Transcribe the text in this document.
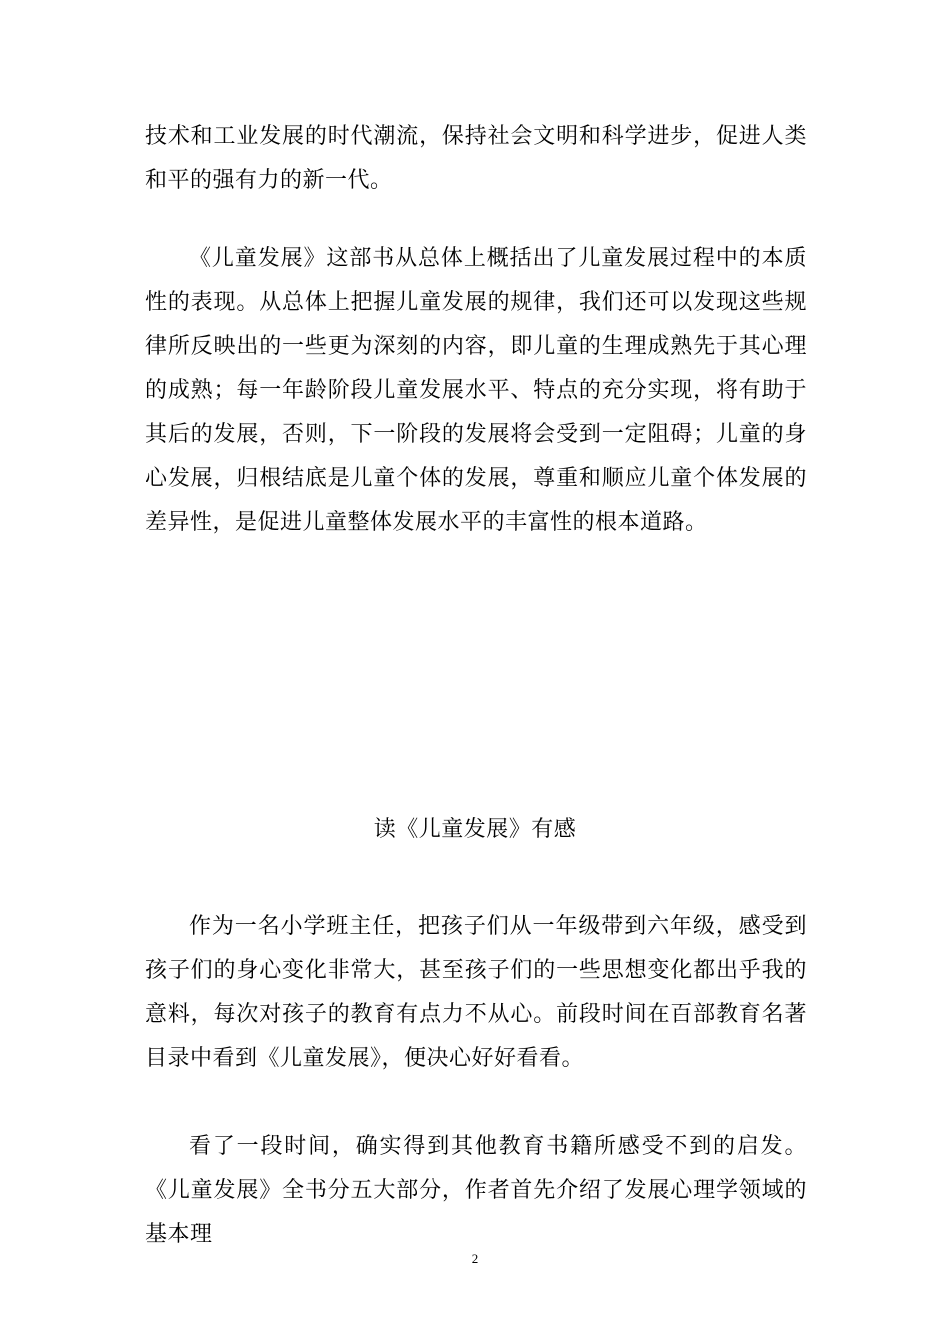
技术和工业发展的时代潮流，保持社会文明和科学进步，促进人类和平的强有力的新一代。

《儿童发展》这部书从总体上概括出了儿童发展过程中的本质性的表现。从总体上把握儿童发展的规律，我们还可以发现这些规律所反映出的一些更为深刻的内容，即儿童的生理成熟先于其心理的成熟；每一年龄阶段儿童发展水平、特点的充分实现，将有助于其后的发展，否则，下一阶段的发展将会受到一定阻碍；儿童的身心发展，归根结底是儿童个体的发展，尊重和顺应儿童个体发展的差异性，是促进儿童整体发展水平的丰富性的根本道路。

读《儿童发展》有感

作为一名小学班主任，把孩子们从一年级带到六年级，感受到孩子们的身心变化非常大，甚至孩子们的一些思想变化都出乎我的意料，每次对孩子的教育有点力不从心。前段时间在百部教育名著目录中看到《儿童发展》，便决心好好看看。

看了一段时间，确实得到其他教育书籍所感受不到的启发。《儿童发展》全书分五大部分，作者首先介绍了发展心理学领域的基本理

2
